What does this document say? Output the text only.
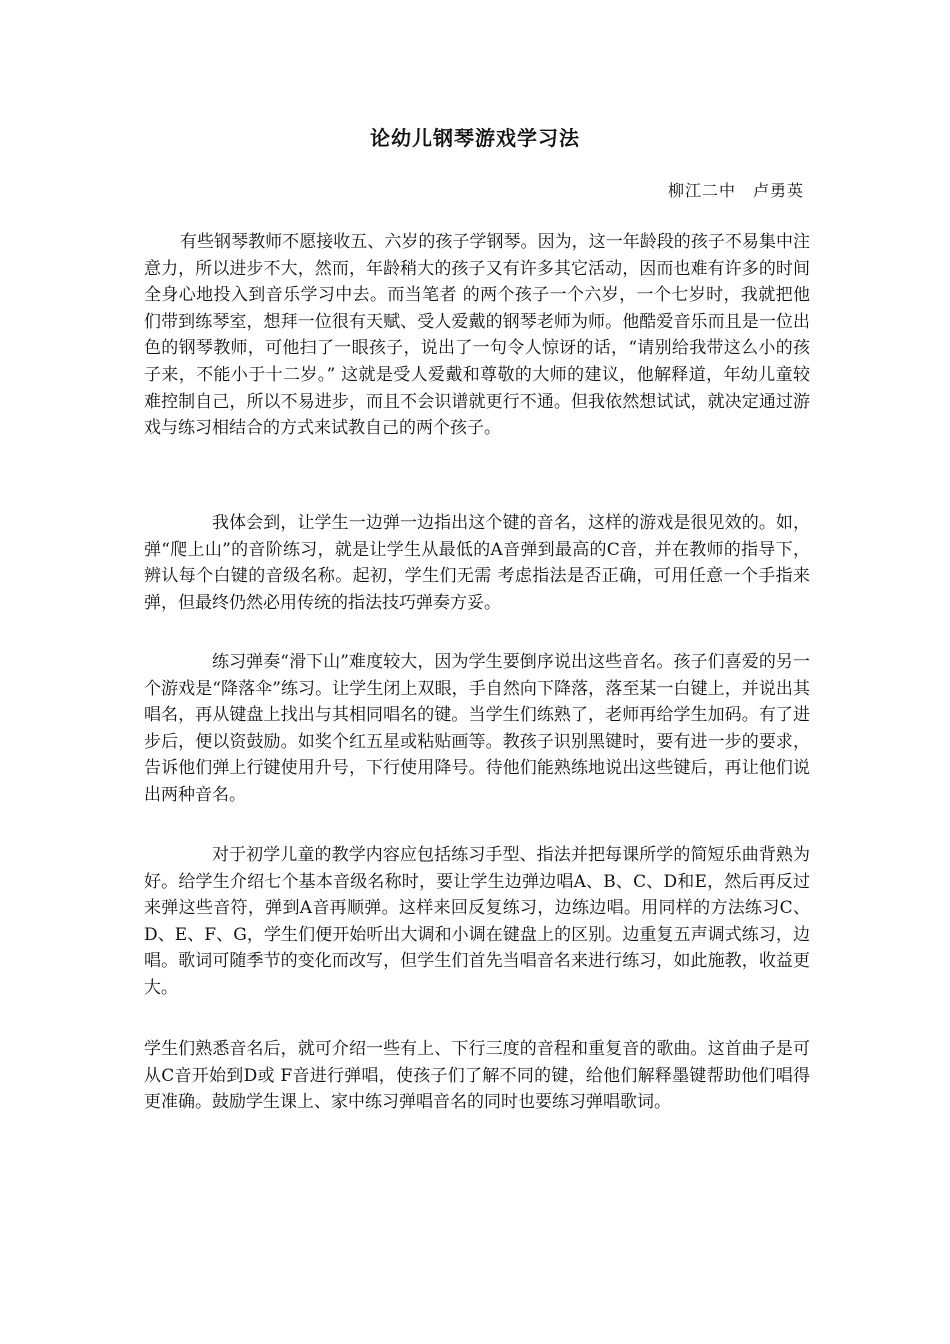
论幼儿钢琴游戏学习法
柳江二中　卢勇英

有些钢琴教师不愿接收五、六岁的孩子学钢琴。因为，这一年龄段的孩子不易集中注意力，所以进步不大，然而，年龄稍大的孩子又有许多其它活动，因而也难有许多的时间全身心地投入到音乐学习中去。而当笔者 的两个孩子一个六岁，一个七岁时，我就把他们带到练琴室，想拜一位很有天赋、受人爱戴的钢琴老师为师。他酷爱音乐而且是一位出色的钢琴教师，可他扫了一眼孩子，说出了一句令人惊讶的话，“请别给我带这么小的孩子来，不能小于十二岁。” 这就是受人爱戴和尊敬的大师的建议，他解释道，年幼儿童较难控制自己，所以不易进步，而且不会识谱就更行不通。但我依然想试试，就决定通过游戏与练习相结合的方式来试教自己的两个孩子。

我体会到，让学生一边弹一边指出这个键的音名，这样的游戏是很见效的。如，弹“爬上山”的音阶练习，就是让学生从最低的A音弹到最高的C音，并在教师的指导下，辨认每个白键的音级名称。起初，学生们无需 考虑指法是否正确，可用任意一个手指来弹，但最终仍然必用传统的指法技巧弹奏方妥。

练习弹奏“滑下山”难度较大，因为学生要倒序说出这些音名。孩子们喜爱的另一个游戏是“降落伞”练习。让学生闭上双眼，手自然向下降落，落至某一白键上，并说出其唱名，再从键盘上找出与其相同唱名的键。当学生们练熟了，老师再给学生加码。有了进步后，便以资鼓励。如奖个红五星或粘贴画等。教孩子识别黑键时，要有进一步的要求，告诉他们弹上行键使用升号，下行使用降号。待他们能熟练地说出这些键后，再让他们说出两种音名。

对于初学儿童的教学内容应包括练习手型、指法并把每课所学的简短乐曲背熟为好。给学生介绍七个基本音级名称时，要让学生边弹边唱A、B、C、D和E，然后再反过来弹这些音符，弹到A音再顺弹。这样来回反复练习，边练边唱。用同样的方法练习C、D、E、F、G，学生们便开始听出大调和小调在键盘上的区别。边重复五声调式练习，边唱。歌词可随季节的变化而改写，但学生们首先当唱音名来进行练习，如此施教，收益更大。

学生们熟悉音名后，就可介绍一些有上、下行三度的音程和重复音的歌曲。这首曲子是可从C音开始到D或 F音进行弹唱，使孩子们了解不同的键，给他们解释墨键帮助他们唱得更准确。鼓励学生课上、家中练习弹唱音名的同时也要练习弹唱歌词。
